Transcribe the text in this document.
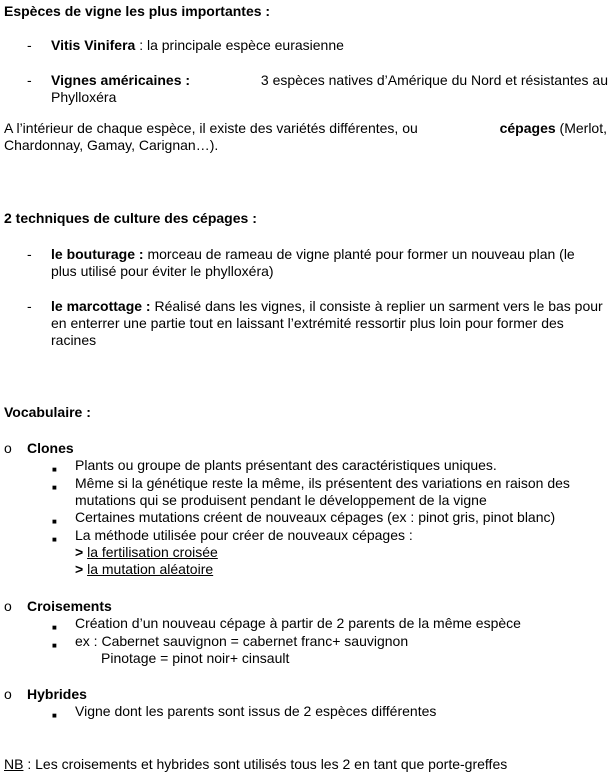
Espèces de vigne les plus importantes :
- Vitis Vinifera : la principale espèce eurasienne
- Vignes américaines :	3 espèces natives d’Amérique du Nord et résistantes au
Phylloxéra
A l’intérieur de chaque espèce, il existe des variétés différentes, ou	cépages (Merlot,
Chardonnay, Gamay, Carignan…).
2 techniques de culture des cépages :
- le bouturage : morceau de rameau de vigne planté pour former un nouveau plan (le
plus utilisé pour éviter le phylloxéra)
- le marcottage : Réalisé dans les vignes, il consiste à replier un sarment vers le bas pour
en enterrer une partie tout en laissant l’extrémité ressortir plus loin pour former des
racines
Vocabulaire :
o Clones
■ Plants ou groupe de plants présentant des caractéristiques uniques.
■ Même si la génétique reste la même, ils présentent des variations en raison des
mutations qui se produisent pendant le développement de la vigne
■ Certaines mutations créent de nouveaux cépages (ex : pinot gris, pinot blanc)
■ La méthode utilisée pour créer de nouveaux cépages :
> la fertilisation croisée
> la mutation aléatoire
o Croisements
■ Création d’un nouveau cépage à partir de 2 parents de la même espèce
■ ex : Cabernet sauvignon = cabernet franc+ sauvignon
Pinotage = pinot noir+ cinsault
o Hybrides
■ Vigne dont les parents sont issus de 2 espèces différentes
NB : Les croisements et hybrides sont utilisés tous les 2 en tant que porte-greffes
